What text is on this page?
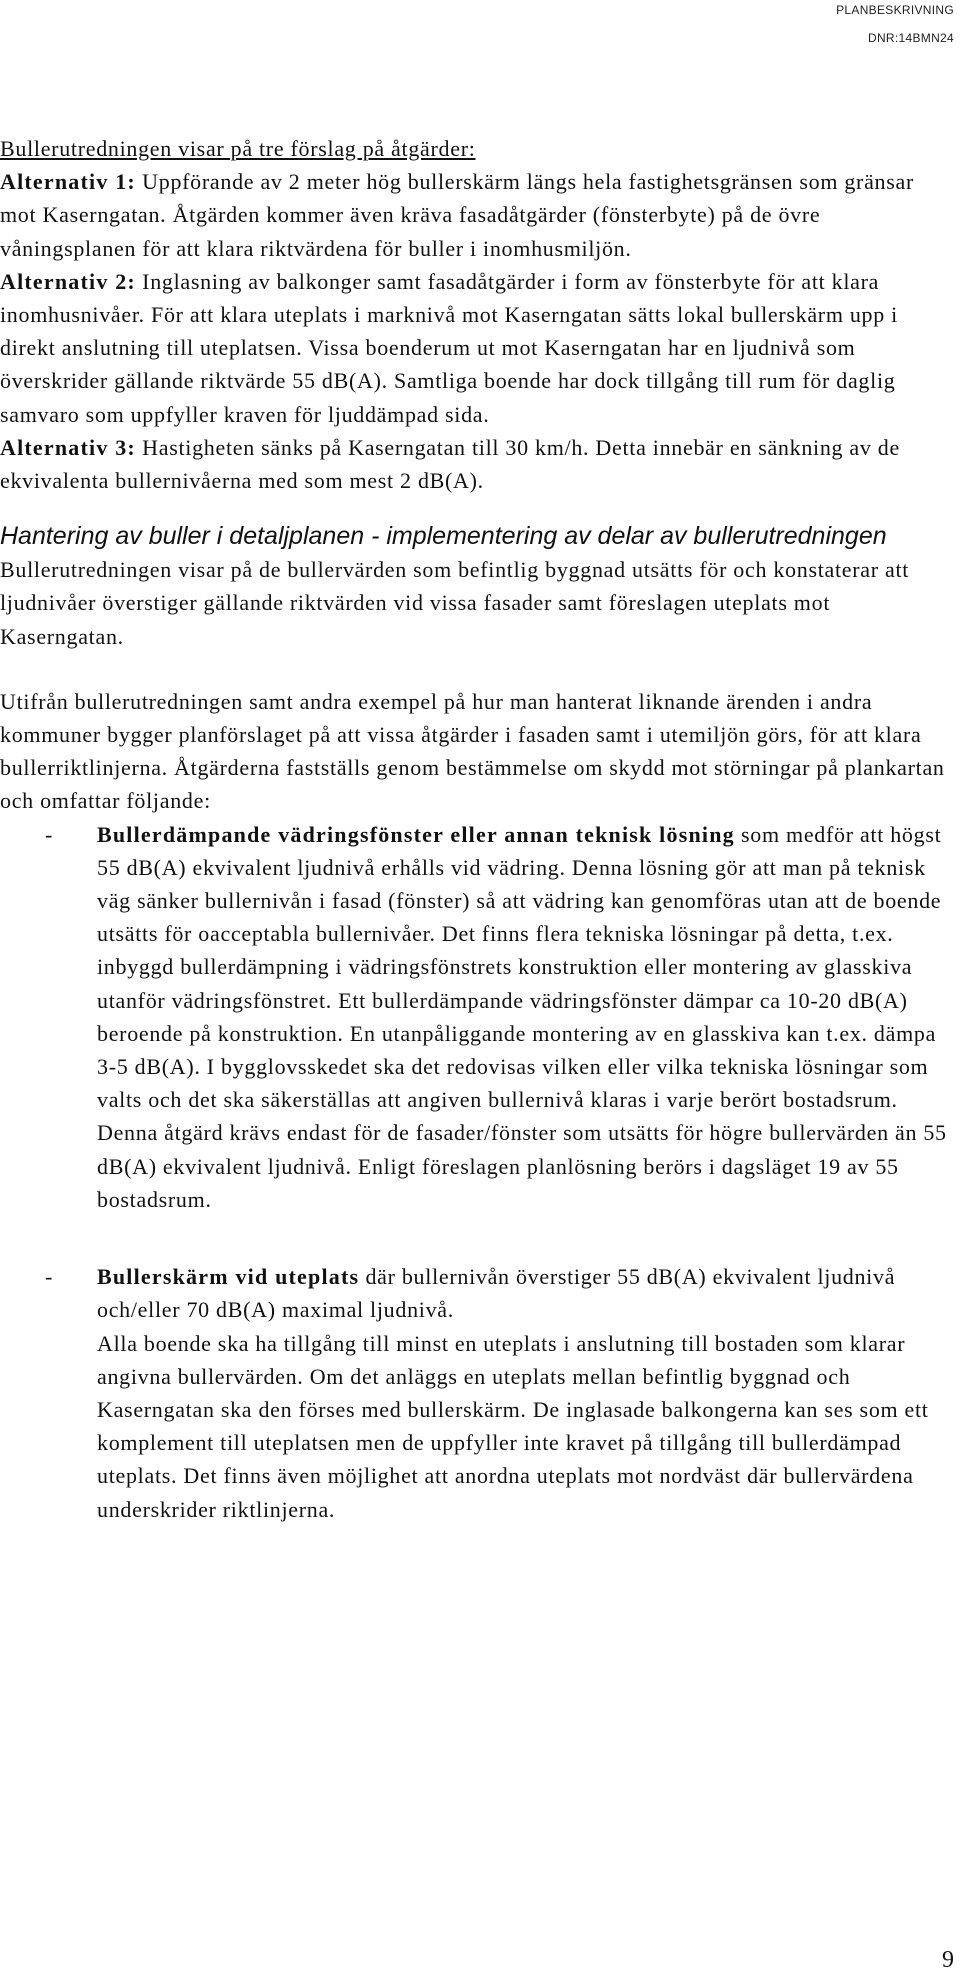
PLANBESKRIVNING
DNR:14BMN24

Bullerutredningen visar på tre förslag på åtgärder:

Alternativ 1: Uppförande av 2 meter hög bullerskärm längs hela fastighetsgränsen som gränsar mot Kaserngatan. Åtgärden kommer även kräva fasadåtgärder (fönsterbyte) på de övre våningsplanen för att klara riktvärdena för buller i inomhusmiljön.

Alternativ 2: Inglasning av balkonger samt fasadåtgärder i form av fönsterbyte för att klara inomhusnivåer. För att klara uteplats i marknivå mot Kaserngatan sätts lokal bullerskärm upp i direkt anslutning till uteplatsen. Vissa boenderum ut mot Kaserngatan har en ljudnivå som överskrider gällande riktvärde 55 dB(A). Samtliga boende har dock tillgång till rum för daglig samvaro som uppfyller kraven för ljuddämpad sida.

Alternativ 3: Hastigheten sänks på Kaserngatan till 30 km/h. Detta innebär en sänkning av de ekvivalenta bullernivåerna med som mest 2 dB(A).

Hantering av buller i detaljplanen - implementering av delar av bullerutredningen

Bullerutredningen visar på de bullervärden som befintlig byggnad utsätts för och konstaterar att ljudnivåer överstiger gällande riktvärden vid vissa fasader samt föreslagen uteplats mot Kaserngatan.

Utifrån bullerutredningen samt andra exempel på hur man hanterat liknande ärenden i andra kommuner bygger planförslaget på att vissa åtgärder i fasaden samt i utemiljön görs, för att klara bullerriktlinjerna. Åtgärderna fastställs genom bestämmelse om skydd mot störningar på plankartan och omfattar följande:

- Bullerdämpande vädringsfönster eller annan teknisk lösning som medför att högst 55 dB(A) ekvivalent ljudnivå erhålls vid vädring. Denna lösning gör att man på teknisk väg sänker bullernivån i fasad (fönster) så att vädring kan genomföras utan att de boende utsätts för oacceptabla bullernivåer. Det finns flera tekniska lösningar på detta, t.ex. inbyggd bullerdämpning i vädringsfönstrets konstruktion eller montering av glasskiva utanför vädringsfönstret. Ett bullerdämpande vädringsfönster dämpar ca 10-20 dB(A) beroende på konstruktion. En utanpåliggande montering av en glasskiva kan t.ex. dämpa 3-5 dB(A). I bygglovsskedet ska det redovisas vilken eller vilka tekniska lösningar som valts och det ska säkerställas att angiven bullernivå klaras i varje berört bostadsrum.

Denna åtgärd krävs endast för de fasader/fönster som utsätts för högre bullervärden än 55 dB(A) ekvivalent ljudnivå. Enligt föreslagen planlösning berörs i dagsläget 19 av 55 bostadsrum.

- Bullerskärm vid uteplats där bullernivån överstiger 55 dB(A) ekvivalent ljudnivå och/eller 70 dB(A) maximal ljudnivå.

Alla boende ska ha tillgång till minst en uteplats i anslutning till bostaden som klarar angivna bullervärden. Om det anläggs en uteplats mellan befintlig byggnad och Kaserngatan ska den förses med bullerskärm. De inglasade balkongerna kan ses som ett komplement till uteplatsen men de uppfyller inte kravet på tillgång till bullerdämpad uteplats. Det finns även möjlighet att anordna uteplats mot nordväst där bullervärdena underskrider riktlinjerna.

9
